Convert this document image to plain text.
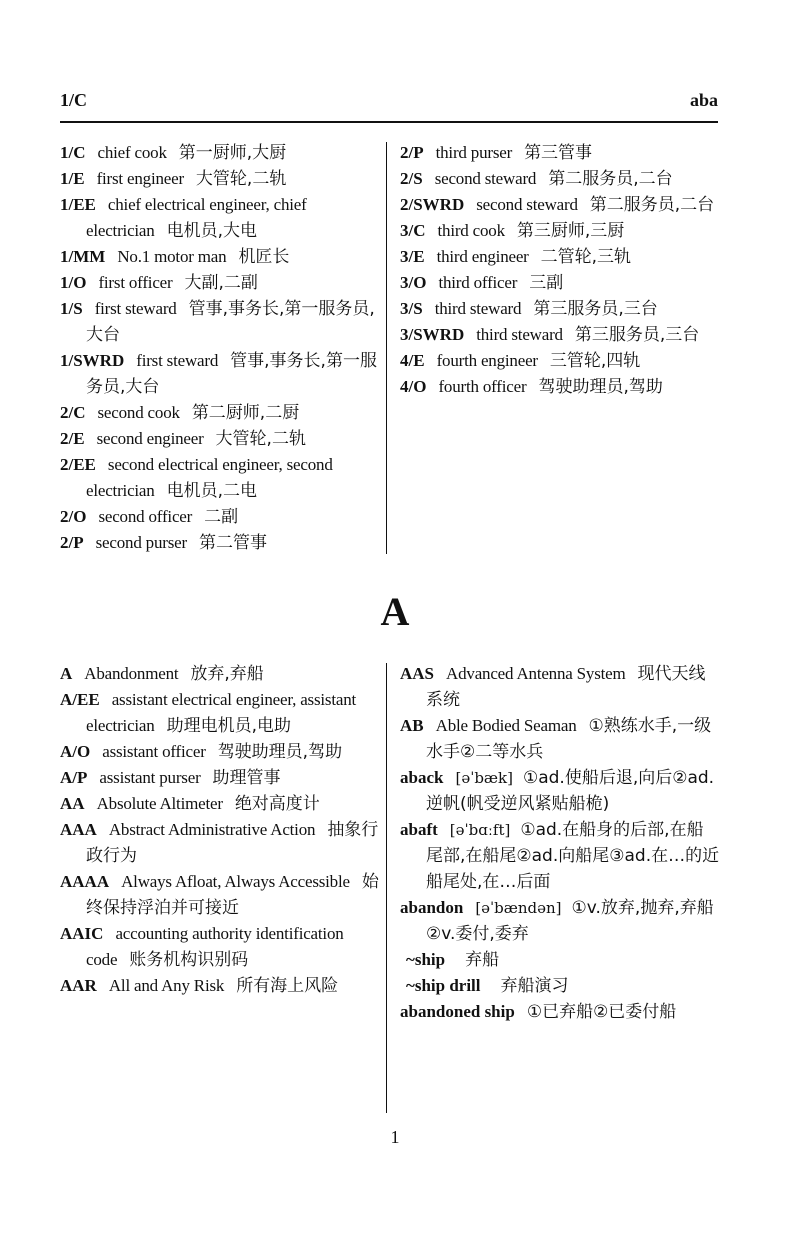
1/C	aba
1/C chief cook 第一厨师,大厨
1/E first engineer 大管轮,二轨
1/EE chief electrical engineer, chief electrician 电机员,大电
1/MM No.1 motor man 机匠长
1/O first officer 大副,二副
1/S first steward 管事,事务长,第一服务员,大台
1/SWRD first steward 管事,事务长,第一服务员,大台
2/C second cook 第二厨师,二厨
2/E second engineer 大管轮,二轨
2/EE second electrical engineer, second electrician 电机员,二电
2/O second officer 二副
2/P second purser 第二管事
2/P third purser 第三管事
2/S second steward 第二服务员,二台
2/SWRD second steward 第二服务员,二台
3/C third cook 第三厨师,三厨
3/E third engineer 二管轮,三轨
3/O third officer 三副
3/S third steward 第三服务员,三台
3/SWRD third steward 第三服务员,三台
4/E fourth engineer 三管轮,四轨
4/O fourth officer 驾驶助理员,驾助
A
A Abandonment 放弃,弃船
A/EE assistant electrical engineer, assistant electrician 助理电机员,电助
A/O assistant officer 驾驶助理员,驾助
A/P assistant purser 助理管事
AA Absolute Altimeter 绝对高度计
AAA Abstract Administrative Action 抽象行政行为
AAAA Always Afloat, Always Accessible 始终保持浮泊并可接近
AAIC accounting authority identification code 账务机构识别码
AAR All and Any Risk 所有海上风险
AAS Advanced Antenna System 现代天线系统
AB Able Bodied Seaman ①熟练水手,一级水手②二等水兵
aback [əˈbæk] ①ad.使船后退,向后②ad.逆帆(帆受逆风紧贴船桅)
abaft [əˈbɑːft] ①ad.在船身的后部,在船尾部,在船尾②ad.向船尾③ad.在…的近船尾处,在…后面
abandon [əˈbændən] ①v.放弃,抛弃,弃船②v.委付,委弃
~ship 弃船
~ship drill 弃船演习
abandoned ship ①已弃船②已委付船
1
